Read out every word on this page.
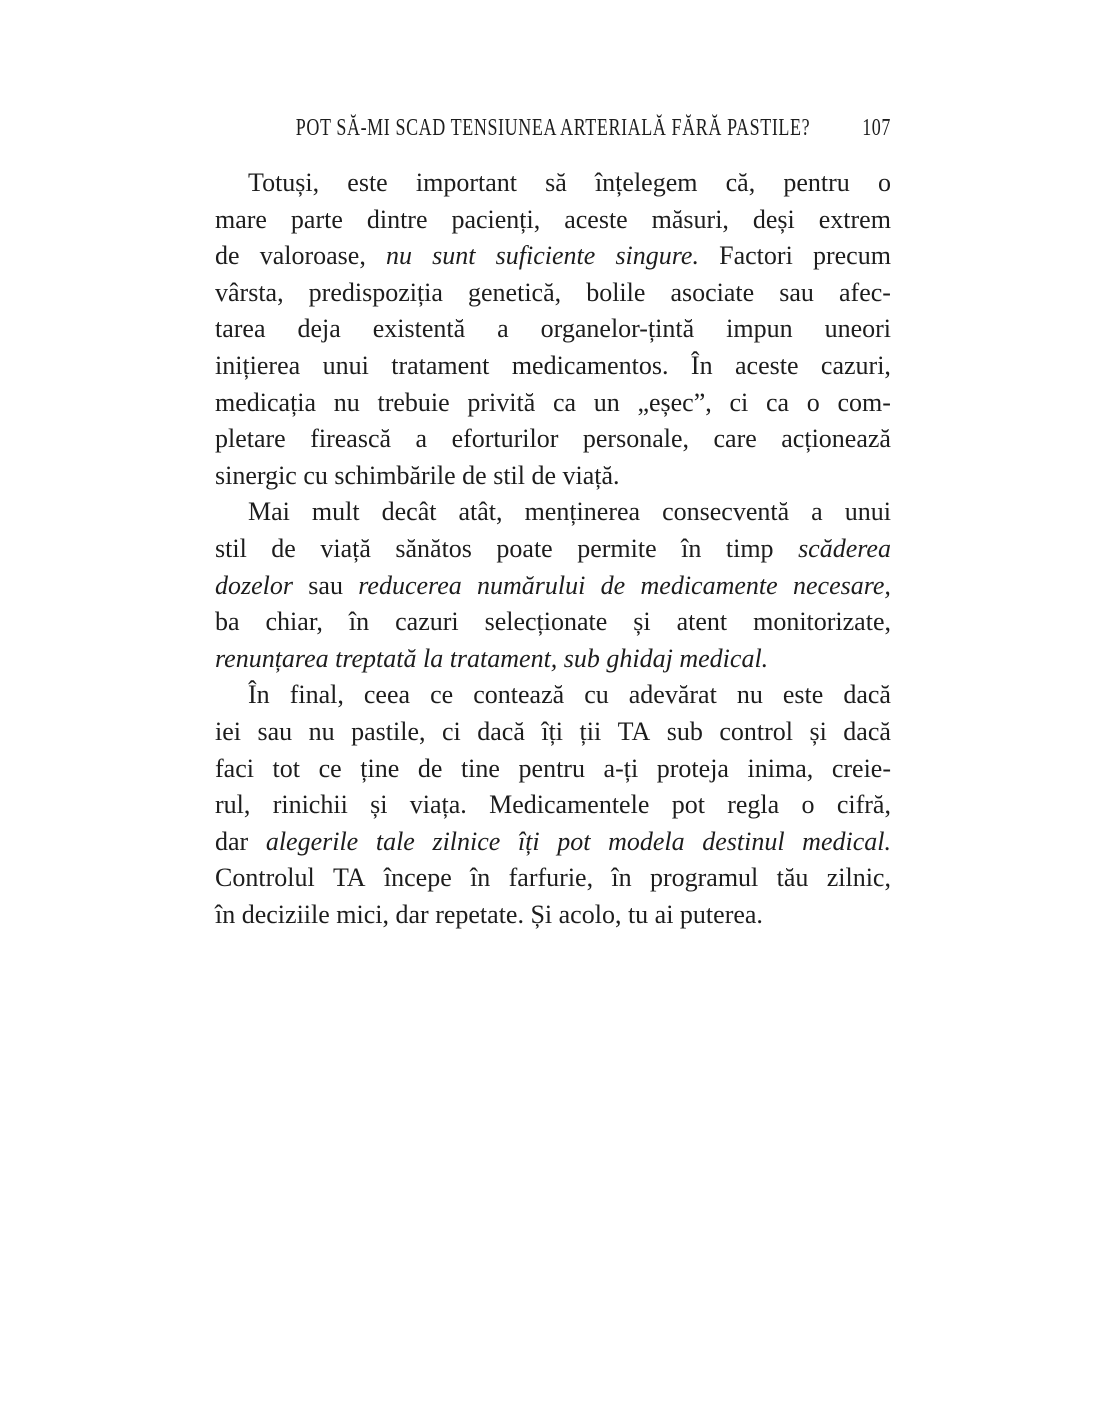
POT SĂ-MI SCAD TENSIUNEA ARTERIALĂ FĂRĂ PASTILE?	107
Totuși, este important să înțelegem că, pentru o
mare parte dintre pacienți, aceste măsuri, deși extrem
de valoroase, nu sunt suficiente singure. Factori precum
vârsta, predispoziția genetică, bolile asociate sau afec-
tarea deja existentă a organelor-țintă impun uneori
inițierea unui tratament medicamentos. În aceste cazuri,
medicația nu trebuie privită ca un „eșec”, ci ca o com-
pletare firească a eforturilor personale, care acționează
sinergic cu schimbările de stil de viață.
Mai mult decât atât, menținerea consecventă a unui
stil de viață sănătos poate permite în timp scăderea
dozelor sau reducerea numărului de medicamente necesare,
ba chiar, în cazuri selecționate și atent monitorizate,
renunțarea treptată la tratament, sub ghidaj medical.
În final, ceea ce contează cu adevărat nu este dacă
iei sau nu pastile, ci dacă îți ții TA sub control și dacă
faci tot ce ține de tine pentru a-ți proteja inima, creie-
rul, rinichii și viața. Medicamentele pot regla o cifră,
dar alegerile tale zilnice îți pot modela destinul medical.
Controlul TA începe în farfurie, în programul tău zilnic,
în deciziile mici, dar repetate. Și acolo, tu ai puterea.
